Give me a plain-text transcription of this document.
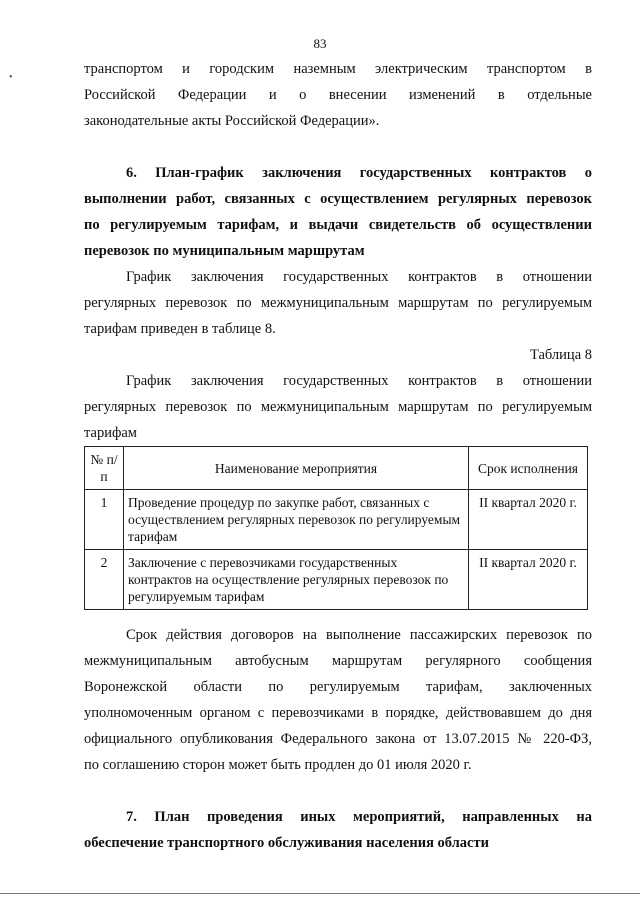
83
•
транспортом и городским наземным электрическим транспортом в
Российской Федерации и о внесении изменений в отдельные
законодательные акты Российской Федерации».
6. План-график заключения государственных контрактов о
выполнении работ, связанных с осуществлением регулярных перевозок
по регулируемым тарифам, и выдачи свидетельств об осуществлении
перевозок по муниципальным маршрутам
График заключения государственных контрактов в отношении
регулярных перевозок по межмуниципальным маршрутам по регулируемым
тарифам приведен в таблице 8.
Таблица 8
График заключения государственных контрактов в отношении
регулярных перевозок по межмуниципальным маршрутам по регулируемым
тарифам
№ п/п	Наименование мероприятия	Срок исполнения
1	Проведение процедур по закупке работ, связанных с осуществлением регулярных перевозок по регулируемым тарифам	II квартал 2020 г.
2	Заключение с перевозчиками государственных контрактов на осуществление регулярных перевозок по регулируемым тарифам	II квартал 2020 г.
Срок действия договоров на выполнение пассажирских перевозок по
межмуниципальным автобусным маршрутам регулярного сообщения
Воронежской области по регулируемым тарифам, заключенных
уполномоченным органом с перевозчиками в порядке, действовавшем до дня
официального опубликования Федерального закона от 13.07.2015 № 220-ФЗ,
по соглашению сторон может быть продлен до 01 июля 2020 г.
7. План проведения иных мероприятий, направленных на
обеспечение транспортного обслуживания населения области
